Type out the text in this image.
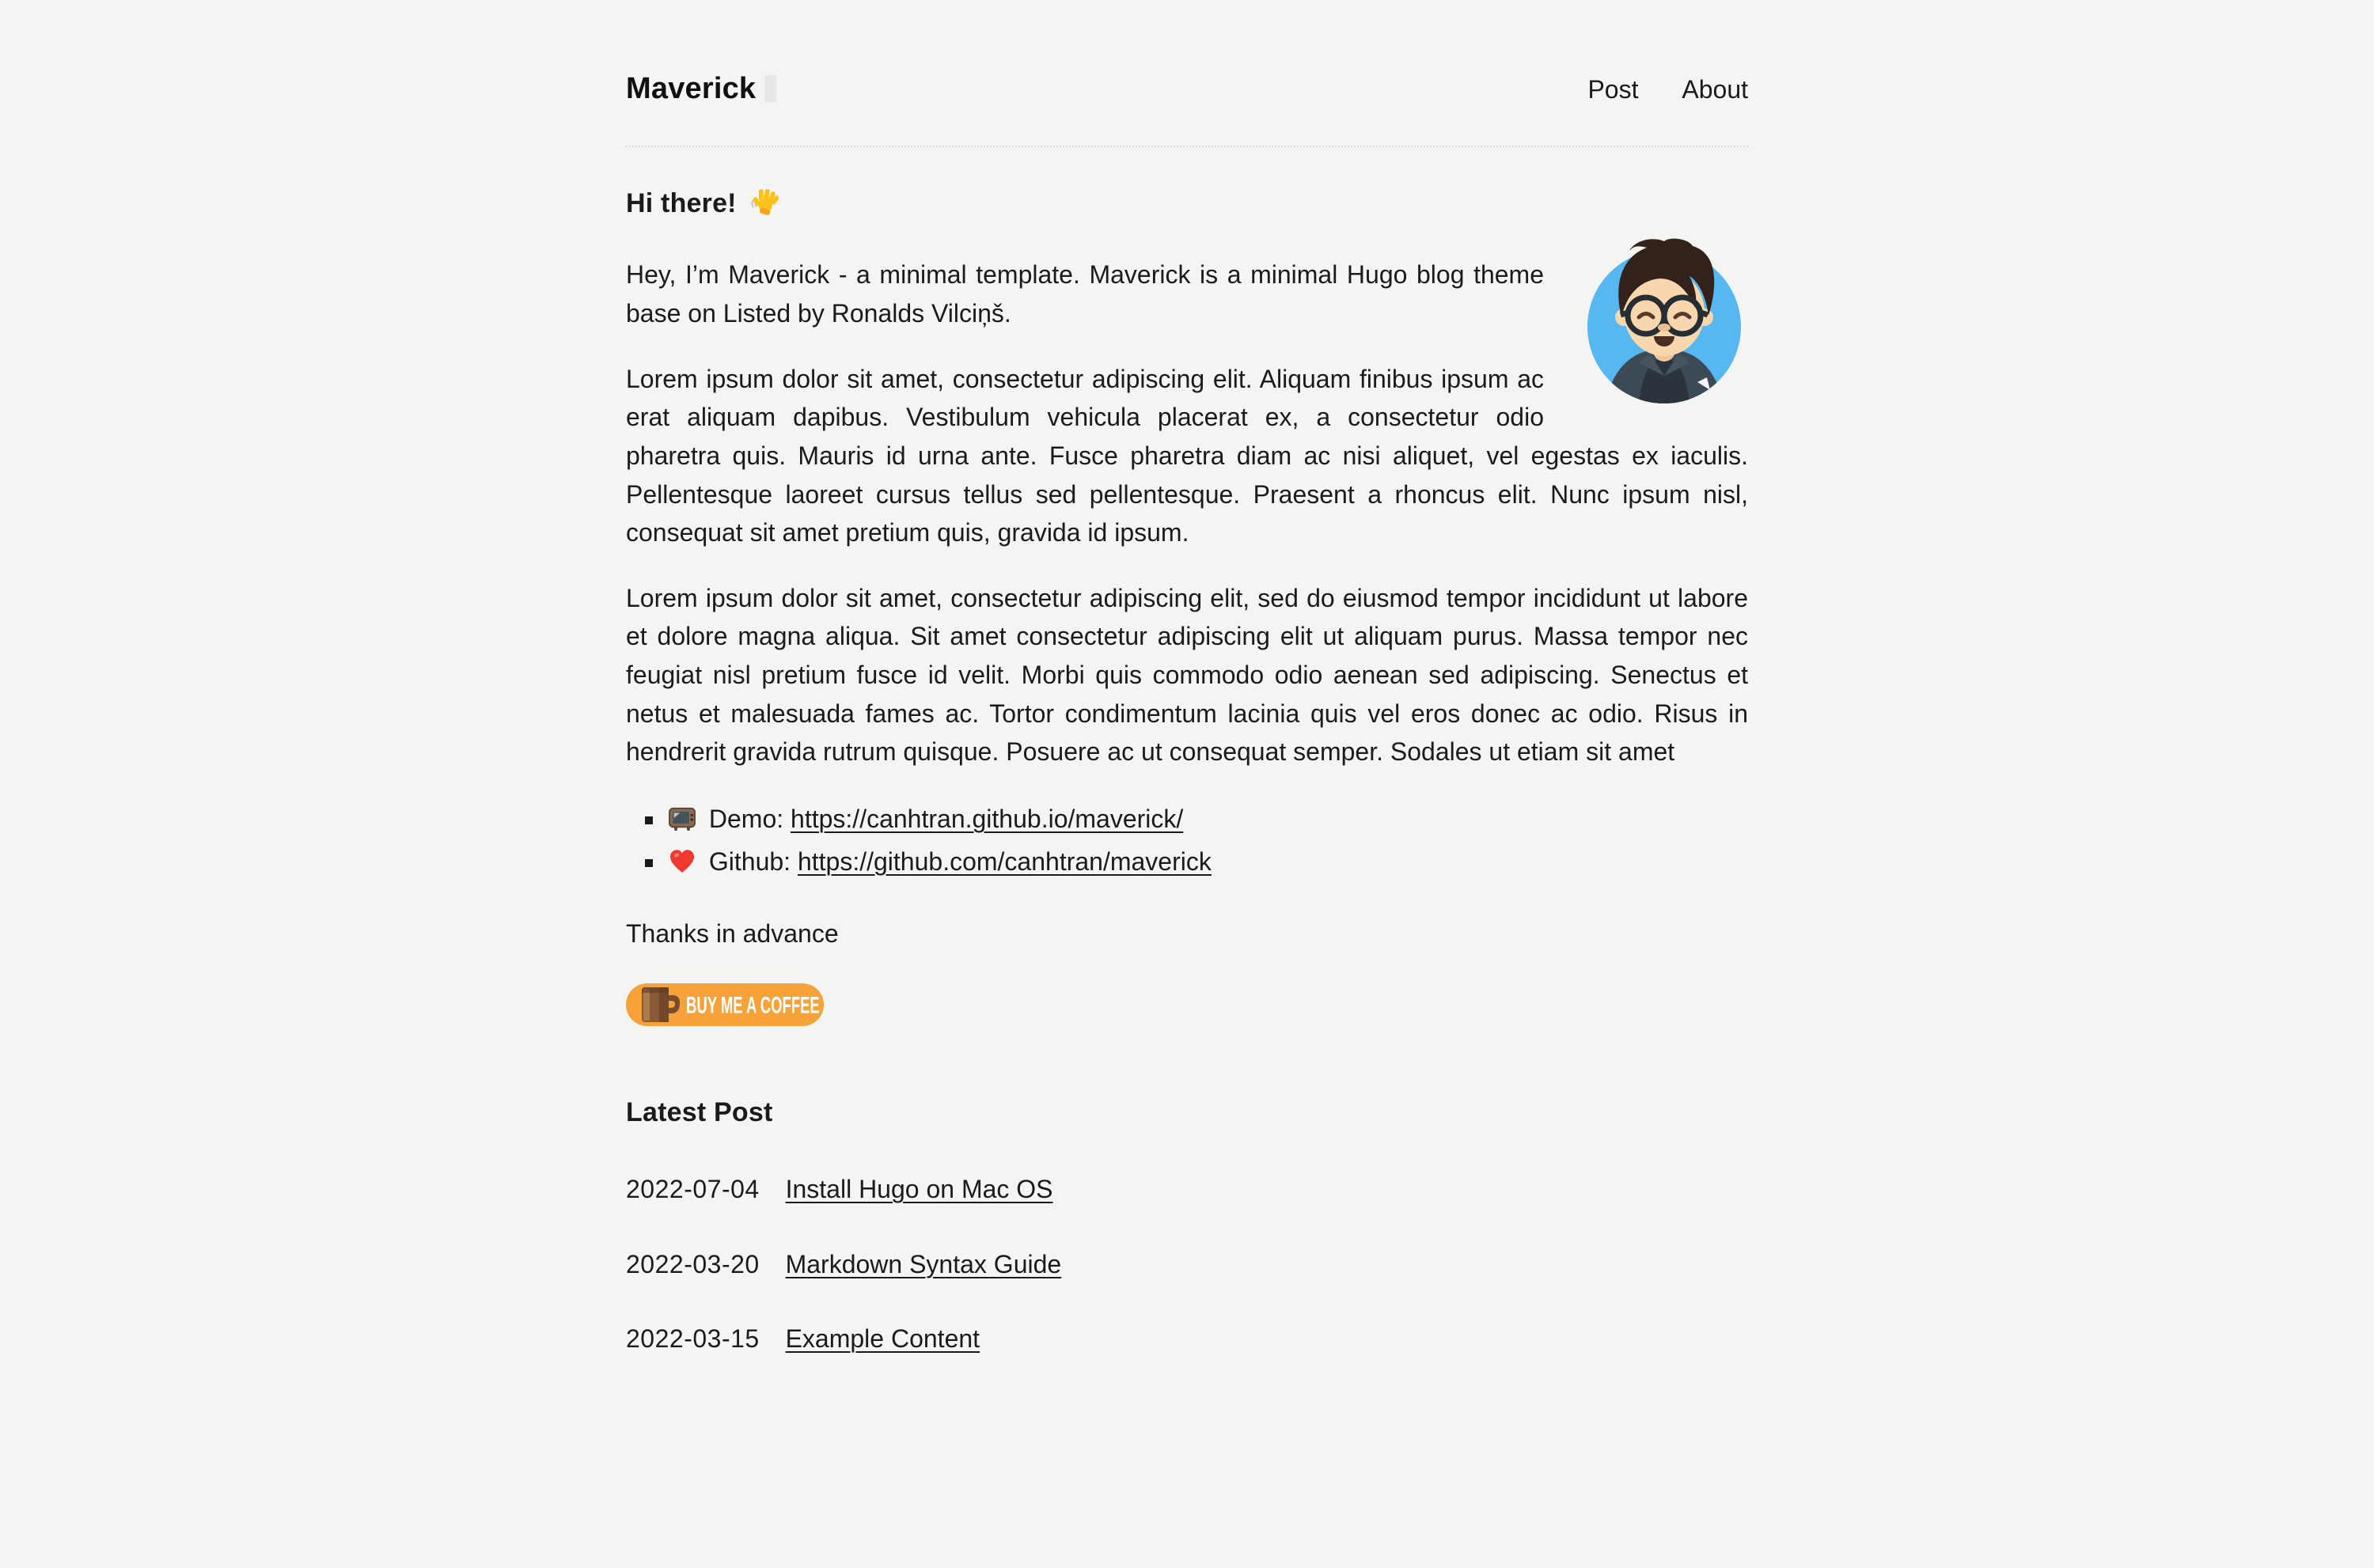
Maverick	Post About
Hi there!

Hey, I’m Maverick - a minimal template. Maverick is a minimal Hugo blog theme base on Listed by Ronalds Vilciņš.

Lorem ipsum dolor sit amet, consectetur adipiscing elit. Aliquam finibus ipsum ac erat aliquam dapibus. Vestibulum vehicula placerat ex, a consectetur odio pharetra quis. Mauris id urna ante. Fusce pharetra diam ac nisi aliquet, vel egestas ex iaculis. Pellentesque laoreet cursus tellus sed pellentesque. Praesent a rhoncus elit. Nunc ipsum nisl, consequat sit amet pretium quis, gravida id ipsum.

Lorem ipsum dolor sit amet, consectetur adipiscing elit, sed do eiusmod tempor incididunt ut labore et dolore magna aliqua. Sit amet consectetur adipiscing elit ut aliquam purus. Massa tempor nec feugiat nisl pretium fusce id velit. Morbi quis commodo odio aenean sed adipiscing. Senectus et netus et malesuada fames ac. Tortor condimentum lacinia quis vel eros donec ac odio. Risus in hendrerit gravida rutrum quisque. Posuere ac ut consequat semper. Sodales ut etiam sit amet

▪ Demo: https://canhtran.github.io/maverick/
▪ Github: https://github.com/canhtran/maverick

Thanks in advance

BUY ME A COFFEE
Latest Post

2022-07-04 Install Hugo on Mac OS

2022-03-20 Markdown Syntax Guide

2022-03-15 Example Content
